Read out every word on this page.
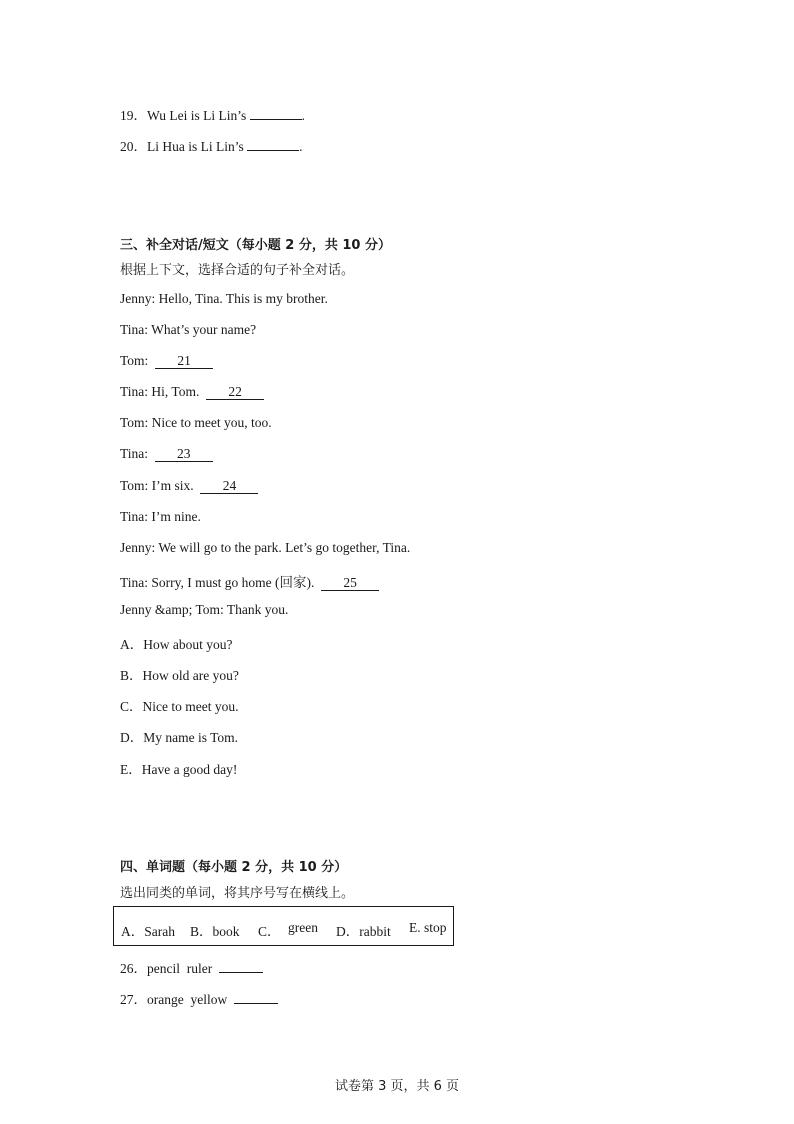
19．Wu Lei is Li Lin’s	.
20．Li Hua is Li Lin’s	.
三、补全对话/短文（每小题 2 分，共 10 分）
根据上下文，选择合适的句子补全对话。
Jenny: Hello, Tina. This is my brother.
Tina: What’s your name?
Tom: 21
Tina: Hi, Tom. 22
Tom: Nice to meet you, too.
Tina: 23
Tom: I’m six. 24
Tina: I’m nine.
Jenny: We will go to the park. Let’s go together, Tina.
Tina: Sorry, I must go home (回家). 25
Jenny &amp; Tom: Thank you.
A．How about you?
B．How old are you?
C．Nice to meet you.
D．My name is Tom.
E．Have a good day!
四、单词题（每小题 2 分，共 10 分）
选出同类的单词，将其序号写在横线上。
A．Sarah B．book C． green D．rabbit E. stop
26．pencil  ruler
27．orange  yellow
试卷第 3 页，共 6 页
